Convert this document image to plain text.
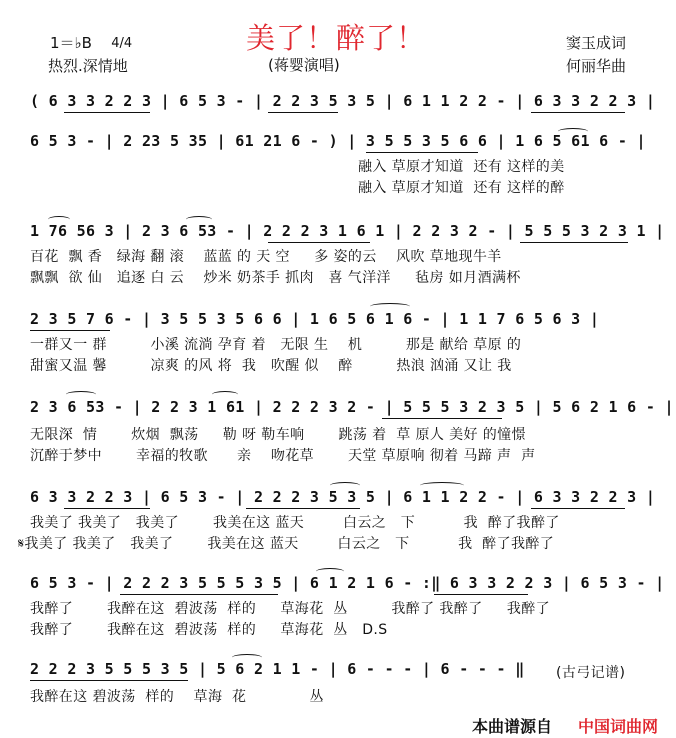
1＝♭B	4/4

热烈.深情地
美了！醉了！
(蒋婴演唱)
窦玉成词
何丽华曲
( 6 3 3 2 2 3 | 6 5 3 - | 2 2 3 5 3 5 | 6 1 1 2 2 - | 6 3 3 2 2 3 |
6 5 3 - | 2 23 5 35 | 61 21 6 - ) | 3 5 5 3 5 6 6 | 1 6 5 61 6 - |
融入 草原才知道  还有 这样的美
融入 草原才知道  还有 这样的醉
1 76 56 3 | 2 3 6 53 - | 2 2 2 3 1 6 1 | 2 2 3 2 - | 5 5 5 3 2 3 1 |
百花  飘 香   绿海 翻 滚    蓝蓝 的 天 空     多 姿的云    风吹 草地现牛羊
飘飘  欲 仙   追逐 白 云    炒米 奶茶手 抓肉   喜 气洋洋     毡房 如月酒满杯
2 3 5 7 6 - | 3 5 5 3 5 6 6 | 1 6 5 6 1 6 - | 1 1 7 6 5 6 3 |
一群又一 群         小溪 流淌 孕育 着   无限 生    机         那是 献给 草原 的
甜蜜又温 馨         凉爽 的风 将  我   吹醒 似    醉         热浪 汹涌 又让 我
2 3 6 53 - | 2 2 3 1 61 | 2 2 2 3 2 - | 5 5 5 3 2 3 5 | 5 6 2 1 6 - |
无限深  情       炊烟  飘荡     勒 呀 勒车响       跳荡 着  草 原人 美好 的憧憬
沉醉于梦中       幸福的牧歌      亲    吻花草       天堂 草原响 彻着 马蹄 声  声
6 3 3 2 2 3 | 6 5 3 - | 2 2 2 3 5 3 5 | 6 1 1 2 2 - | 6 3 3 2 2 3 |
我美了 我美了   我美了       我美在这 蓝天        白云之   下          我  醉了我醉了
𝄋我美了 我美了   我美了       我美在这 蓝天        白云之   下          我  醉了我醉了
6 5 3 - | 2 2 2 3 5 5 5 3 5 | 6 1 2 1 6 - :‖ 6 3 3 2 2 3 | 6 5 3 - |
我醉了       我醉在这  碧波荡  样的     草海花  丛         我醉了 我醉了     我醉了
我醉了       我醉在这  碧波荡  样的     草海花  丛   D.S
2 2 2 3 5 5 5 3 5 | 5 6 2 1 1 - | 6 - - - | 6 - - - ‖
我醉在这 碧波荡  样的    草海  花             丛
(古弓记谱)
本曲谱源自 中国词曲网
